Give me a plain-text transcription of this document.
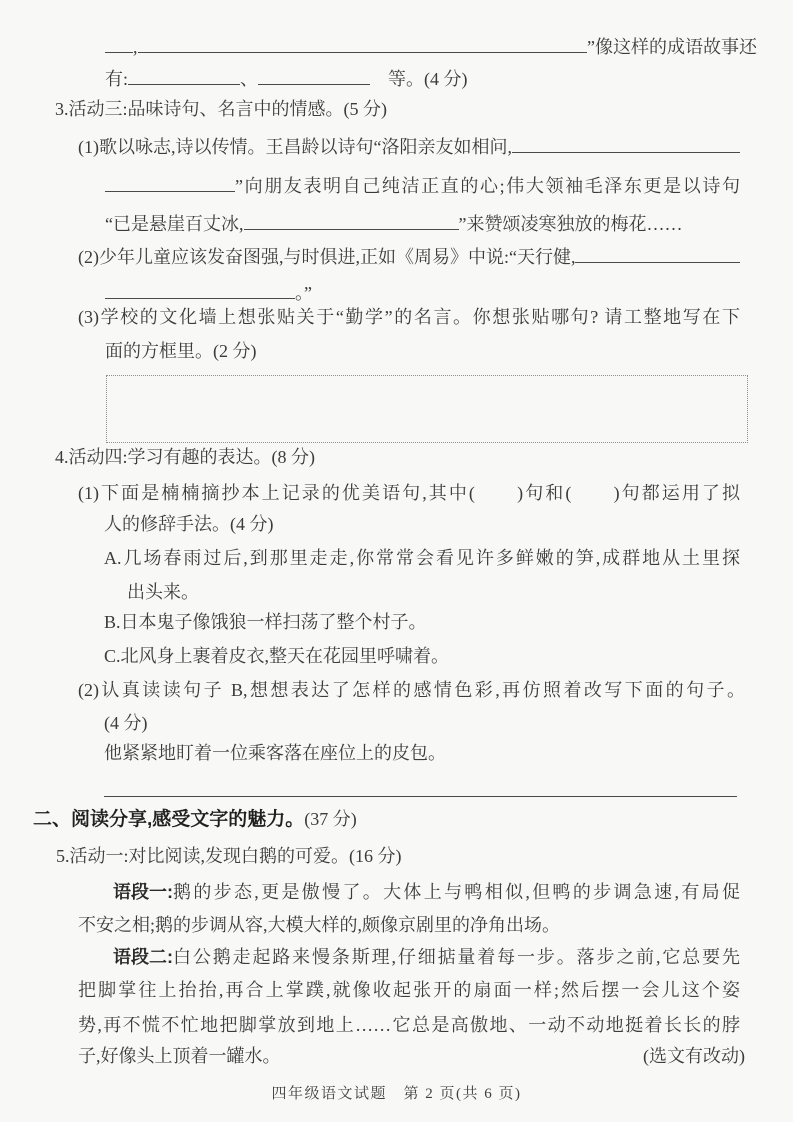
,	”像这样的成语故事还
有:	、　	等。(4 分)
3.活动三:品味诗句、名言中的情感。(5 分)
(1)歌以咏志,诗以传情。王昌龄以诗句“洛阳亲友如相问,
”向朋友表明自己纯洁正直的心;伟大领袖毛泽东更是以诗句
“已是悬崖百丈冰,	”来赞颂凌寒独放的梅花……
(2)少年儿童应该发奋图强,与时俱进,正如《周易》中说:“天行健,
。”
(3)学校的文化墙上想张贴关于“勤学”的名言。你想张贴哪句? 请工整地写在下
面的方框里。(2 分)
4.活动四:学习有趣的表达。(8 分)
(1)下面是楠楠摘抄本上记录的优美语句,其中(　　)句和(　　)句都运用了拟
人的修辞手法。(4 分)
A.几场春雨过后,到那里走走,你常常会看见许多鲜嫩的笋,成群地从土里探
出头来。
B.日本鬼子像饿狼一样扫荡了整个村子。
C.北风身上裹着皮衣,整天在花园里呼啸着。
(2)认真读读句子 B,想想表达了怎样的感情色彩,再仿照着改写下面的句子。
(4 分)
他紧紧地盯着一位乘客落在座位上的皮包。
二、阅读分享,感受文字的魅力。(37 分)
5.活动一:对比阅读,发现白鹅的可爱。(16 分)
语段一: 鹅的步态,更是傲慢了。大体上与鸭相似,但鸭的步调急速,有局促
不安之相;鹅的步调从容,大模大样的,颇像京剧里的净角出场。
语段二: 白公鹅走起路来慢条斯理,仔细掂量着每一步。落步之前,它总要先
把脚掌往上抬抬,再合上掌蹼,就像收起张开的扇面一样;然后摆一会儿这个姿
势,再不慌不忙地把脚掌放到地上……它总是高傲地、一动不动地挺着长长的脖
子,好像头上顶着一罐水。	(选文有改动)
四年级语文试题　 第 2 页(共 6 页)
